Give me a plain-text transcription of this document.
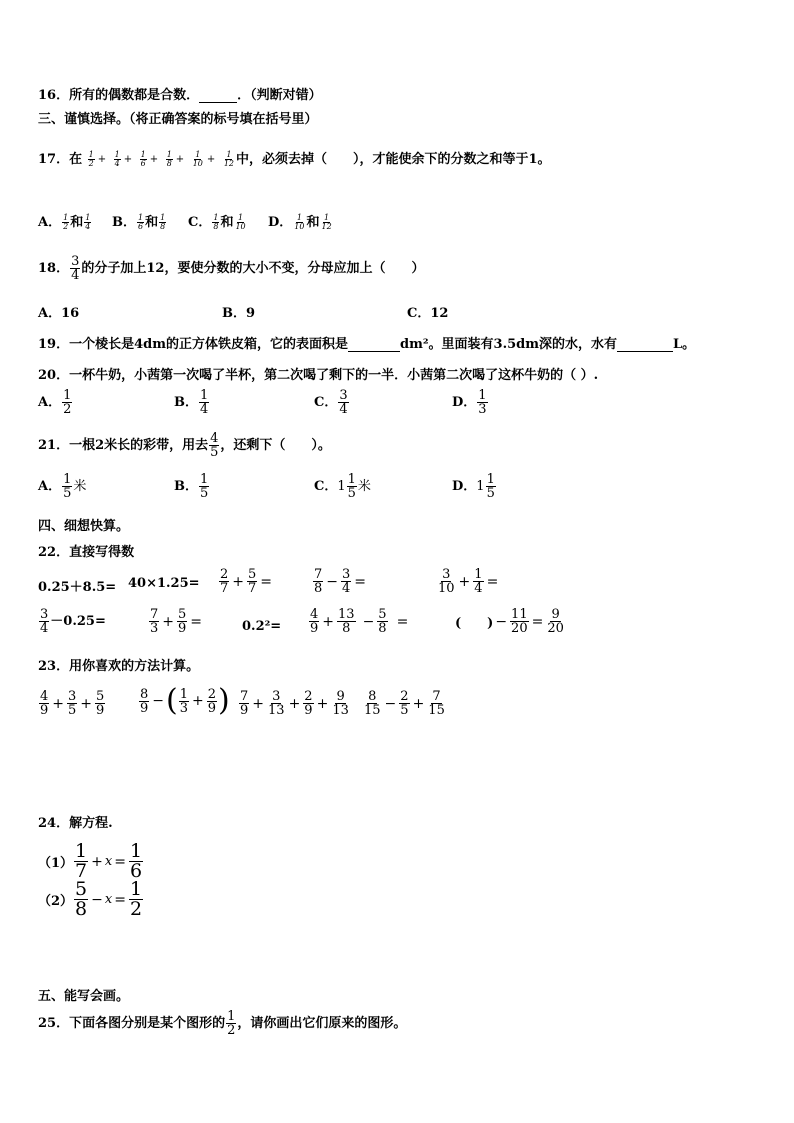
16．所有的偶数都是合数．	．（判断对错）
三、谨慎选择。（将正确答案的标号填在括号里）
17．在 $\frac{1}{2} + \frac{1}{4} + \frac{1}{6} + \frac{1}{8} + \frac{1}{10} + \frac{1}{12}$ 中，必须去掉（　　），才能使余下的分数之和等于1。
A． $\frac{1}{2}$ 和 $\frac{1}{4}$ B． $\frac{1}{6}$ 和 $\frac{1}{8}$ C． $\frac{1}{8}$ 和 $\frac{1}{10}$ D． $\frac{1}{10}$ 和 $\frac{1}{12}$
18． $\frac{3}{4}$ 的分子加上12，要使分数的大小不变，分母应加上（　　）
A．16	B．9	C．12
19．一个棱长是4dm的正方体铁皮箱，它的表面积是	dm²。里面装有3.5dm深的水，水有	L。
20．一杯牛奶，小茜第一次喝了半杯，第二次喝了剩下的一半．小茜第二次喝了这杯牛奶的（ ）.
A． $\frac{1}{2}$	B． $\frac{1}{4}$	C． $\frac{3}{4}$	D． $\frac{1}{3}$
21．一根2米长的彩带，用去 $\frac{4}{5}$ ，还剩下（　　）。
A． $\frac{1}{5}$ 米	B． $\frac{1}{5}$	C．$1 \frac{1}{5}$ 米	D．$1 \frac{1}{5}$
四、细想快算。
22．直接写得数
$0.25+8.5= 40\times 1.25= \frac{2}{7} + \frac{5}{7}$ =	$\frac{7}{8} - \frac{3}{4}$ =	$\frac{3}{10} + \frac{1}{4}$ =
$\frac{3}{4} -0.25=$	$\frac{7}{3} + \frac{5}{9}$ =	$0.2^2= \frac{4}{9} + \frac{13}{8} - \frac{5}{8}$ =	(　　) − $\frac{11}{20} = \frac{9}{20}$
23．用你喜欢的方法计算。
$\frac{4}{9} + \frac{3}{5} + \frac{5}{9}$	$\frac{8}{9}$ −( $\frac{1}{3} + \frac{2}{9}$ ) $\frac{7}{9} + \frac{3}{13} + \frac{2}{9} + \frac{9}{13} \frac{8}{15} - \frac{2}{5} + \frac{7}{15}$
24．解方程.
$(1) \frac{1}{7} + x = \frac{1}{6}$
$(2) \frac{5}{8} - x = \frac{1}{2}$
五、能写会画。
25．下面各图分别是某个图形的 $\frac{1}{2}$ ，请你画出它们原来的图形。
